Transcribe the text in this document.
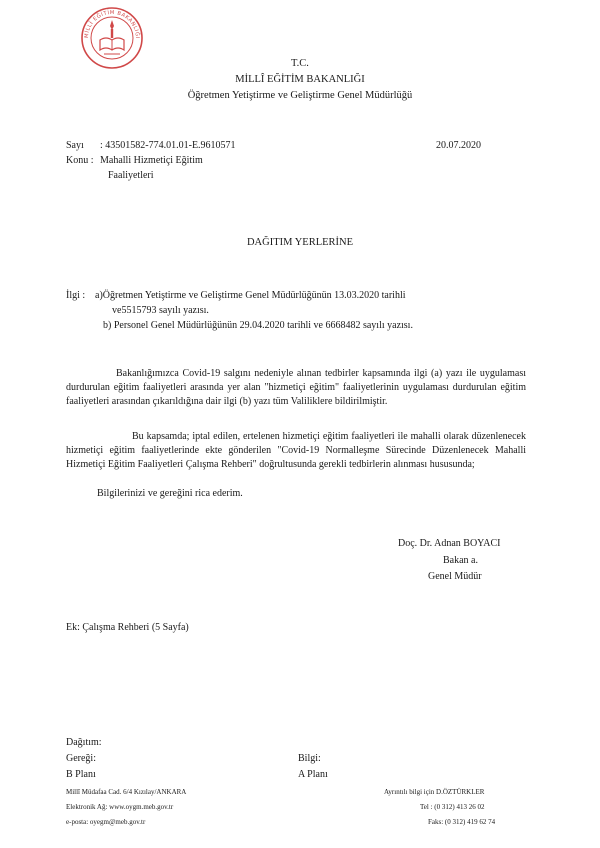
MİLLÎ EĞİTİM BAKANLIĞI
T.C.
MİLLÎ EĞİTİM BAKANLIĞI
Öğretmen Yetiştirme ve Geliştirme Genel Müdürlüğü
Sayı : 43501582-774.01.01-E.9610571	20.07.2020
Konu : Mahalli Hizmetiçi Eğitim
Faaliyetleri
DAĞITIM YERLERİNE
İlgi : a)Öğretmen Yetiştirme ve Geliştirme Genel Müdürlüğünün 13.03.2020 tarihli
ve5515793 sayılı yazısı.
b) Personel Genel Müdürlüğünün 29.04.2020 tarihli ve 6668482 sayılı yazısı.
Bakanlığımızca Covid-19 salgını nedeniyle alınan tedbirler kapsamında ilgi (a) yazı ile uygulaması durdurulan eğitim faaliyetleri arasında yer alan "hizmetiçi eğitim" faaliyetlerinin uygulaması durdurulan eğitim faaliyetleri arasından çıkarıldığına dair ilgi (b) yazı tüm Valiliklere bildirilmiştir.
Bu kapsamda; iptal edilen, ertelenen hizmetiçi eğitim faaliyetleri ile mahalli olarak düzenlenecek hizmetiçi eğitim faaliyetlerinde ekte gönderilen "Covid-19 Normalleşme Sürecinde Düzenlenecek Mahalli Hizmetiçi Eğitim Faaliyetleri Çalışma Rehberi" doğrultusunda gerekli tedbirlerin alınması hususunda;
Bilgilerinizi ve gereğini rica ederim.
Doç. Dr. Adnan BOYACI
Bakan a.
Genel Müdür
Ek: Çalışma Rehberi (5 Sayfa)
Dağıtım:
Gereği:	Bilgi:
B Planı	A Planı
Millî Müdafaa Cad. 6/4 Kızılay/ANKARA	Ayrıntılı bilgi için D.ÖZTÜRKLER
Elektronik Ağ: www.oygm.meb.gov.tr	Tel : (0 312) 413 26 02
e-posta: oyegm@meb.gov.tr	Faks: (0 312) 419 62 74
